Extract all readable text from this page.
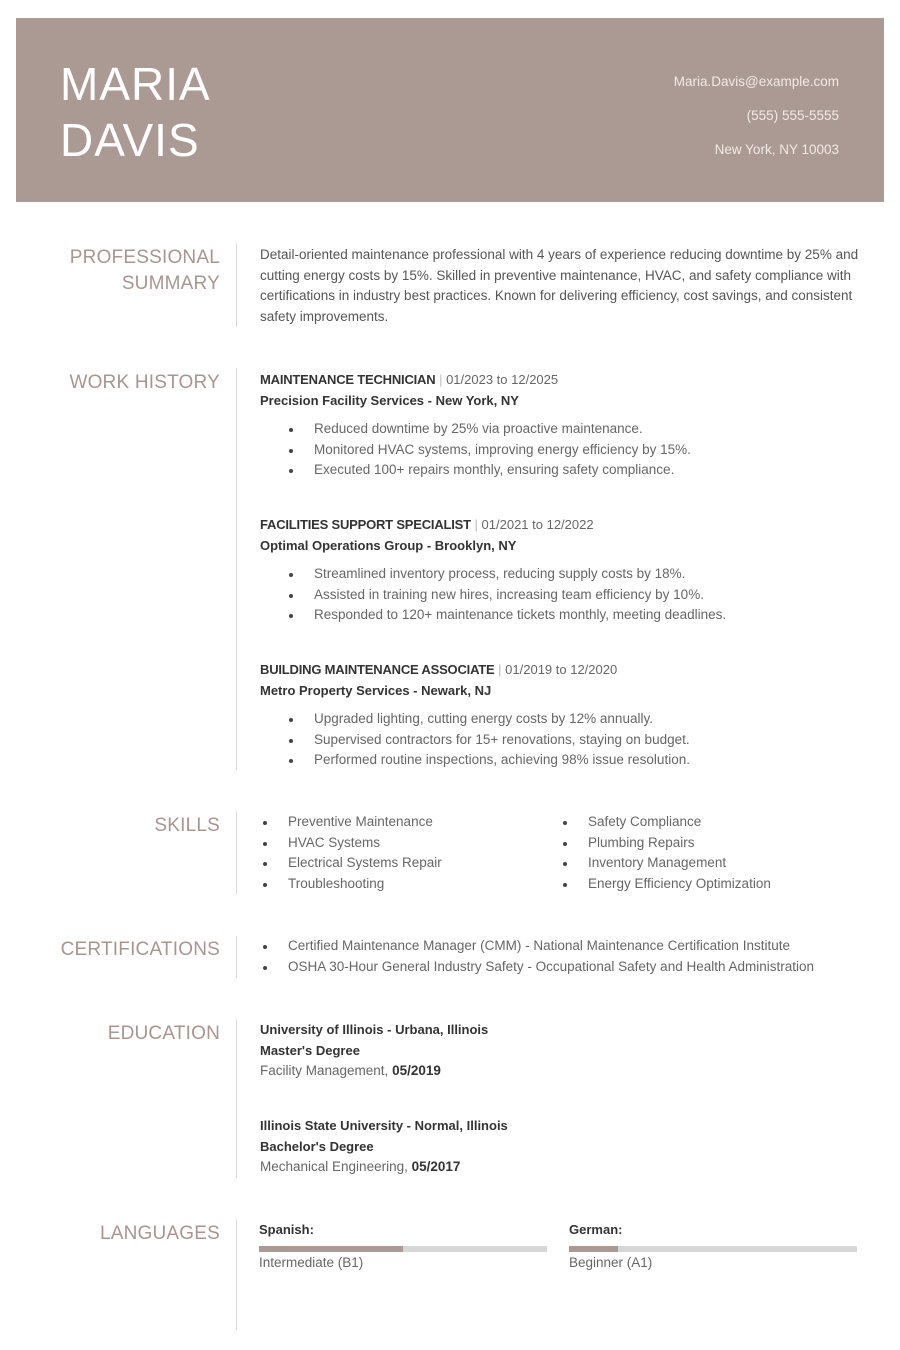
MARIA
DAVIS
Maria.Davis@example.com
(555) 555-5555
New York, NY 10003
PROFESSIONAL
SUMMARY
Detail-oriented maintenance professional with 4 years of experience reducing downtime by 25% and cutting energy costs by 15%. Skilled in preventive maintenance, HVAC, and safety compliance with certifications in industry best practices. Known for delivering efficiency, cost savings, and consistent safety improvements.
WORK HISTORY	MAINTENANCE TECHNICIAN | 01/2023 to 12/2025
Precision Facility Services - New York, NY
Reduced downtime by 25% via proactive maintenance.
Monitored HVAC systems, improving energy efficiency by 15%.
Executed 100+ repairs monthly, ensuring safety compliance.
FACILITIES SUPPORT SPECIALIST | 01/2021 to 12/2022
Optimal Operations Group - Brooklyn, NY
Streamlined inventory process, reducing supply costs by 18%.
Assisted in training new hires, increasing team efficiency by 10%.
Responded to 120+ maintenance tickets monthly, meeting deadlines.
BUILDING MAINTENANCE ASSOCIATE | 01/2019 to 12/2020
Metro Property Services - Newark, NJ
Upgraded lighting, cutting energy costs by 12% annually.
Supervised contractors for 15+ renovations, staying on budget.
Performed routine inspections, achieving 98% issue resolution.
SKILLS	Preventive Maintenance
HVAC Systems
Electrical Systems Repair
Troubleshooting
Safety Compliance
Plumbing Repairs
Inventory Management
Energy Efficiency Optimization
CERTIFICATIONS	Certified Maintenance Manager (CMM) - National Maintenance Certification Institute
OSHA 30-Hour General Industry Safety - Occupational Safety and Health Administration
EDUCATION	University of Illinois - Urbana, Illinois
Master's Degree
Facility Management, 05/2019
Illinois State University - Normal, Illinois
Bachelor's Degree
Mechanical Engineering, 05/2017
LANGUAGES	Spanish:
Intermediate (B1)
German:
Beginner (A1)
